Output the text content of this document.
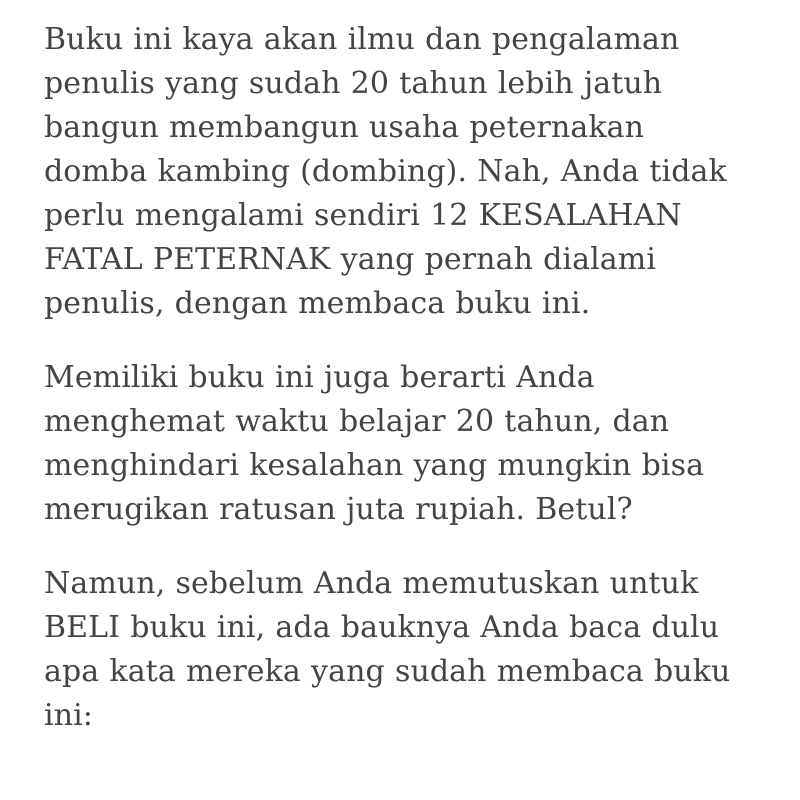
Buku ini kaya akan ilmu dan pengalaman penulis yang sudah 20 tahun lebih jatuh bangun membangun usaha peternakan domba kambing (dombing). Nah, Anda tidak perlu mengalami sendiri 12 KESALAHAN FATAL PETERNAK yang pernah dialami penulis, dengan membaca buku ini.

Memiliki buku ini juga berarti Anda menghemat waktu belajar 20 tahun, dan menghindari kesalahan yang mungkin bisa merugikan ratusan juta rupiah. Betul?

Namun, sebelum Anda memutuskan untuk BELI buku ini, ada bauknya Anda baca dulu apa kata mereka yang sudah membaca buku ini:
